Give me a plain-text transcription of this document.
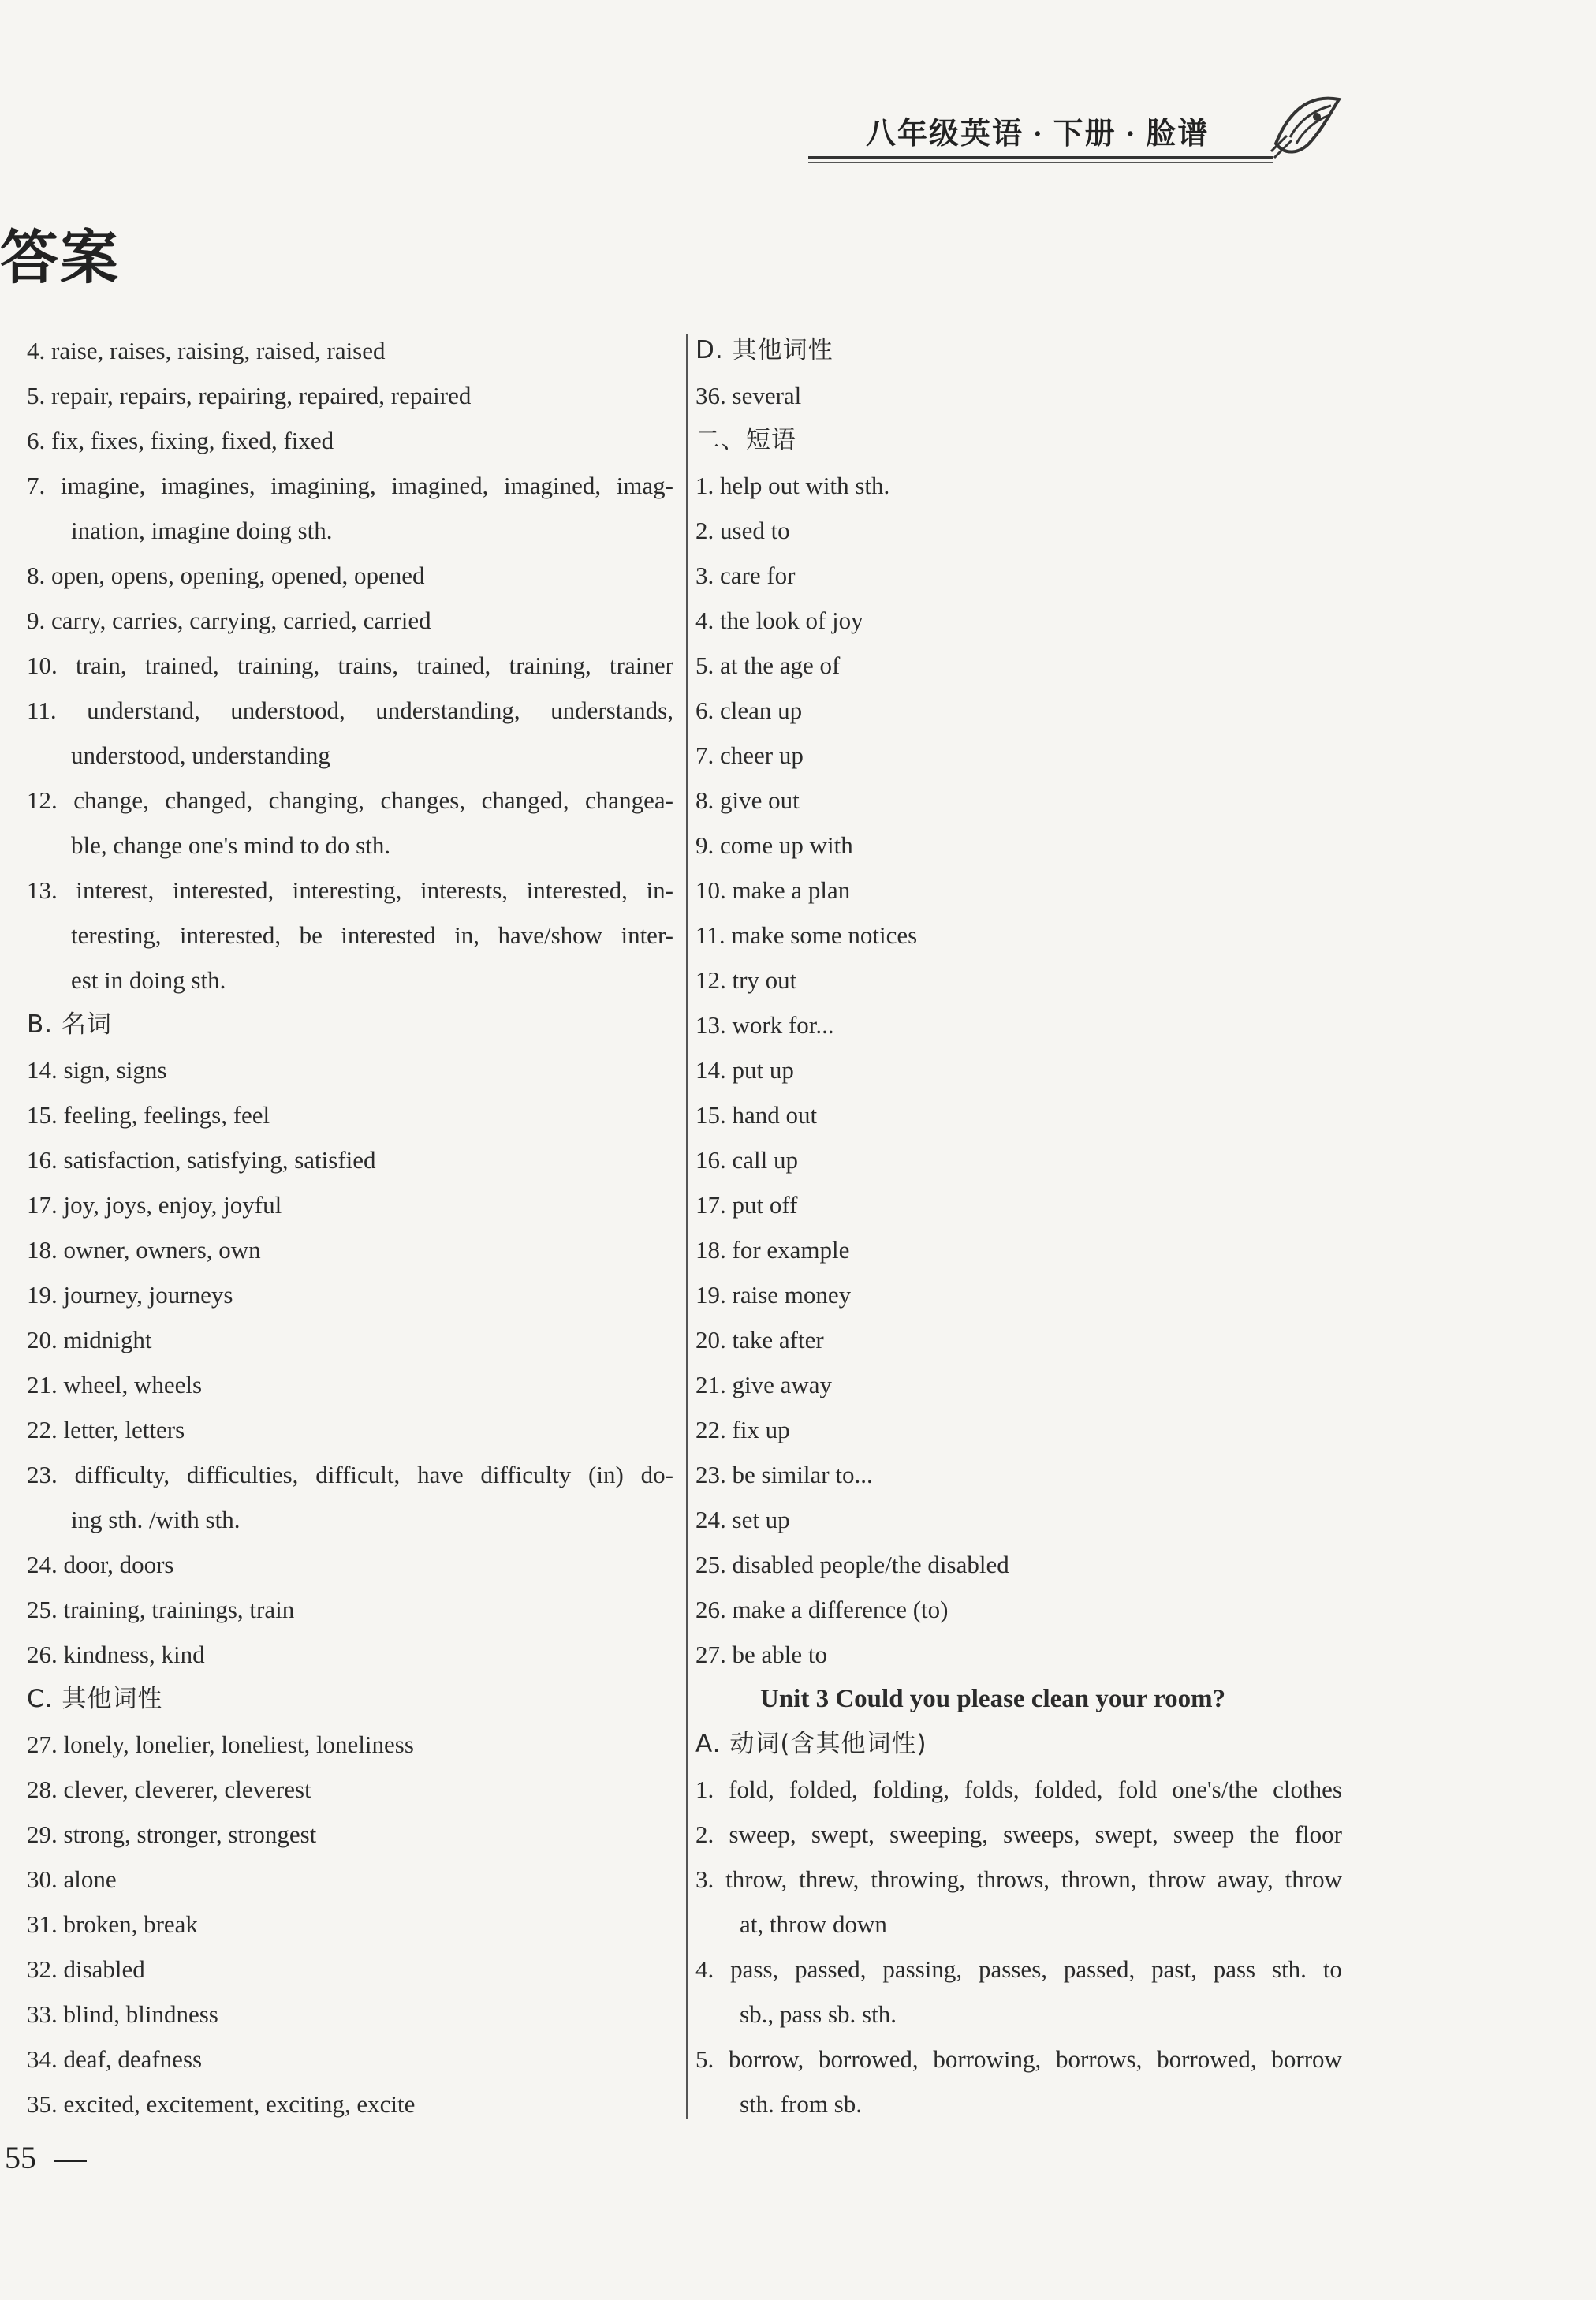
八年级英语 · 下册 · 脸谱
答案
4. raise, raises, raising, raised, raised
5. repair, repairs, repairing, repaired, repaired
6. fix, fixes, fixing, fixed, fixed
7. imagine, imagines, imagining, imagined, imagined, imag-
ination, imagine doing sth.
8. open, opens, opening, opened, opened
9. carry, carries, carrying, carried, carried
10. train, trained, training, trains, trained, training, trainer
11. understand, understood, understanding, understands,
understood, understanding
12. change, changed, changing, changes, changed, changea-
ble, change one's mind to do sth.
13. interest, interested, interesting, interests, interested, in-
teresting, interested, be interested in, have/show inter-
est in doing sth.
B. 名词
14. sign, signs
15. feeling, feelings, feel
16. satisfaction, satisfying, satisfied
17. joy, joys, enjoy, joyful
18. owner, owners, own
19. journey, journeys
20. midnight
21. wheel, wheels
22. letter, letters
23. difficulty, difficulties, difficult, have difficulty (in) do-
ing sth. /with sth.
24. door, doors
25. training, trainings, train
26. kindness, kind
C. 其他词性
27. lonely, lonelier, loneliest, loneliness
28. clever, cleverer, cleverest
29. strong, stronger, strongest
30. alone
31. broken, break
32. disabled
33. blind, blindness
34. deaf, deafness
35. excited, excitement, exciting, excite
D. 其他词性
36. several
二、短语
1. help out with sth.
2. used to
3. care for
4. the look of joy
5. at the age of
6. clean up
7. cheer up
8. give out
9. come up with
10. make a plan
11. make some notices
12. try out
13. work for...
14. put up
15. hand out
16. call up
17. put off
18. for example
19. raise money
20. take after
21. give away
22. fix up
23. be similar to...
24. set up
25. disabled people/the disabled
26. make a difference (to)
27. be able to
Unit 3 Could you please clean your room?
A. 动词(含其他词性)
1. fold, folded, folding, folds, folded, fold one's/the clothes
2. sweep, swept, sweeping, sweeps, swept, sweep the floor
3. throw, threw, throwing, throws, thrown, throw away, throw
at, throw down
4. pass, passed, passing, passes, passed, past, pass sth. to
sb., pass sb. sth.
5. borrow, borrowed, borrowing, borrows, borrowed, borrow
sth. from sb.
55
